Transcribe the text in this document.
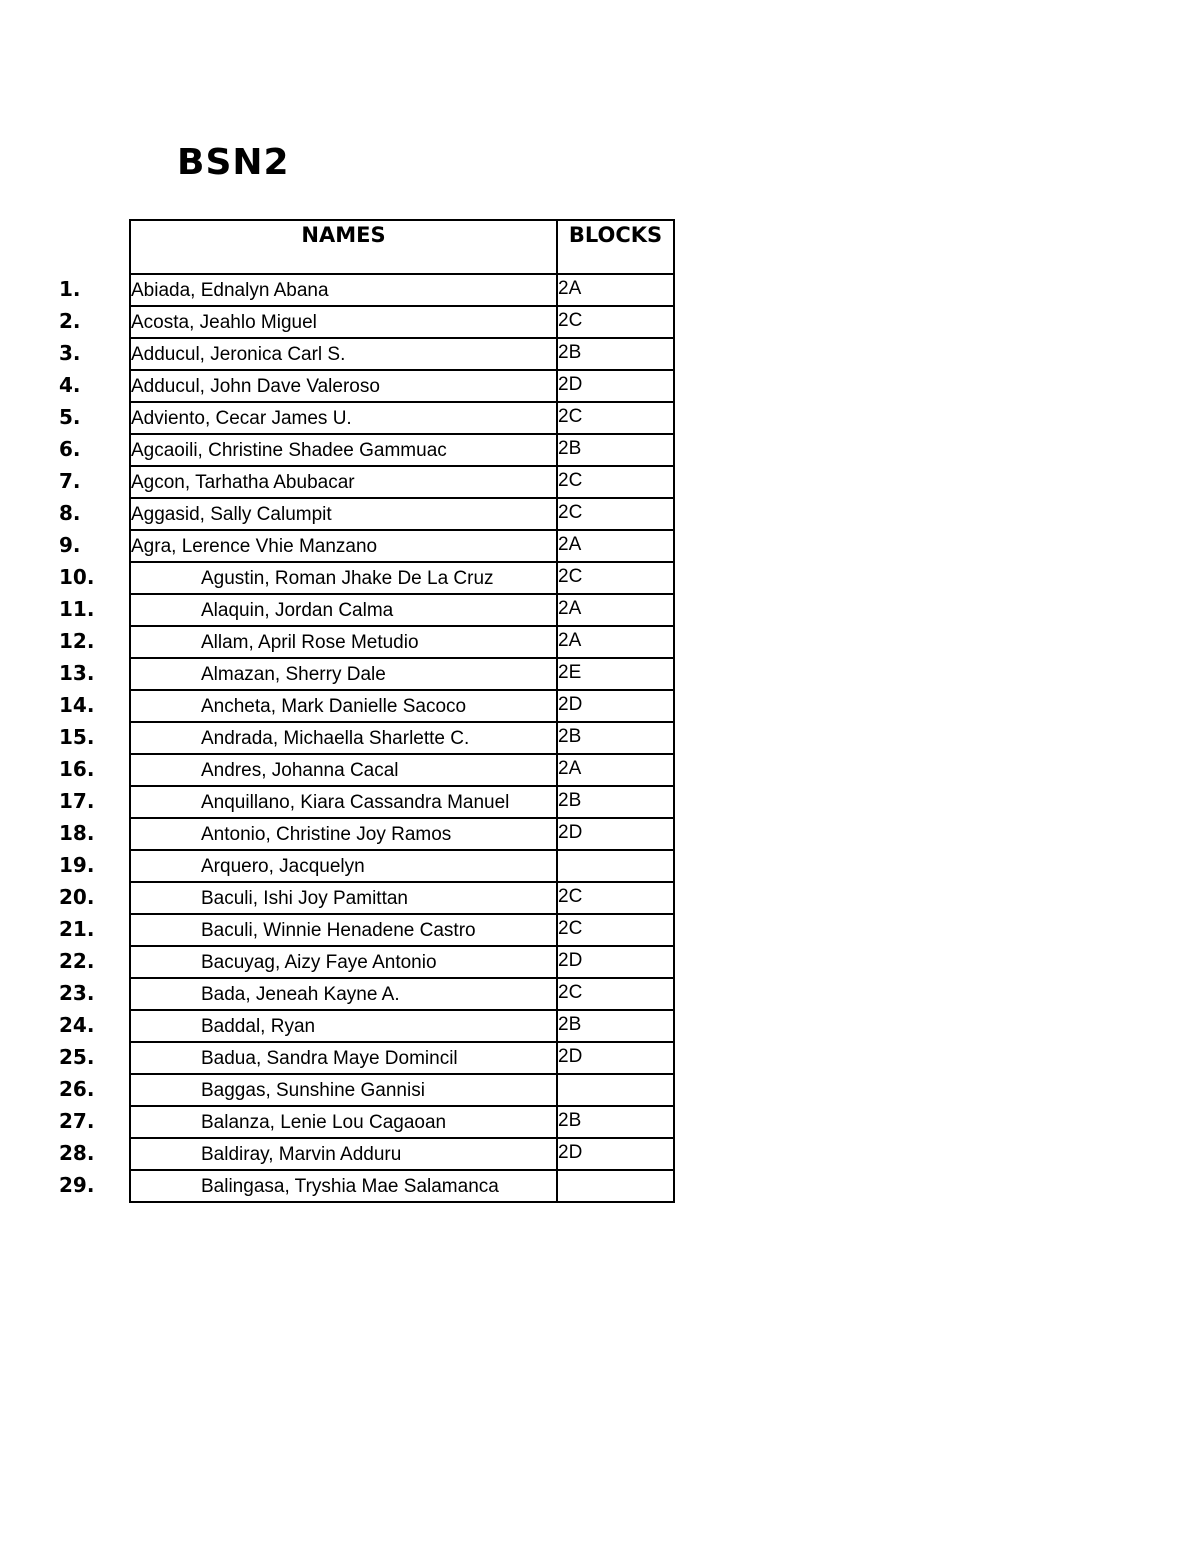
BSN2
NAMES	BLOCKS
1. Abiada, Ednalyn Abana	2A
2. Acosta, Jeahlo Miguel	2C
3. Adducul, Jeronica Carl S.	2B
4. Adducul, John Dave Valeroso	2D
5. Adviento, Cecar James U.	2C
6. Agcaoili, Christine Shadee Gammuac	2B
7. Agcon, Tarhatha Abubacar	2C
8. Aggasid, Sally Calumpit	2C
9. Agra, Lerence Vhie Manzano	2A
10. Agustin, Roman Jhake De La Cruz	2C
11. Alaquin, Jordan Calma	2A
12. Allam, April Rose Metudio	2A
13. Almazan, Sherry Dale	2E
14. Ancheta, Mark Danielle Sacoco	2D
15. Andrada, Michaella Sharlette C.	2B
16. Andres, Johanna Cacal	2A
17. Anquillano, Kiara Cassandra Manuel	2B
18. Antonio, Christine Joy Ramos	2D
19. Arquero, Jacquelyn	
20. Baculi, Ishi Joy Pamittan	2C
21. Baculi, Winnie Henadene Castro	2C
22. Bacuyag, Aizy Faye Antonio	2D
23. Bada, Jeneah Kayne A.	2C
24. Baddal, Ryan	2B
25. Badua, Sandra Maye Domincil	2D
26. Baggas, Sunshine Gannisi	
27. Balanza, Lenie Lou Cagaoan	2B
28. Baldiray, Marvin Adduru	2D
29. Balingasa, Tryshia Mae Salamanca	
